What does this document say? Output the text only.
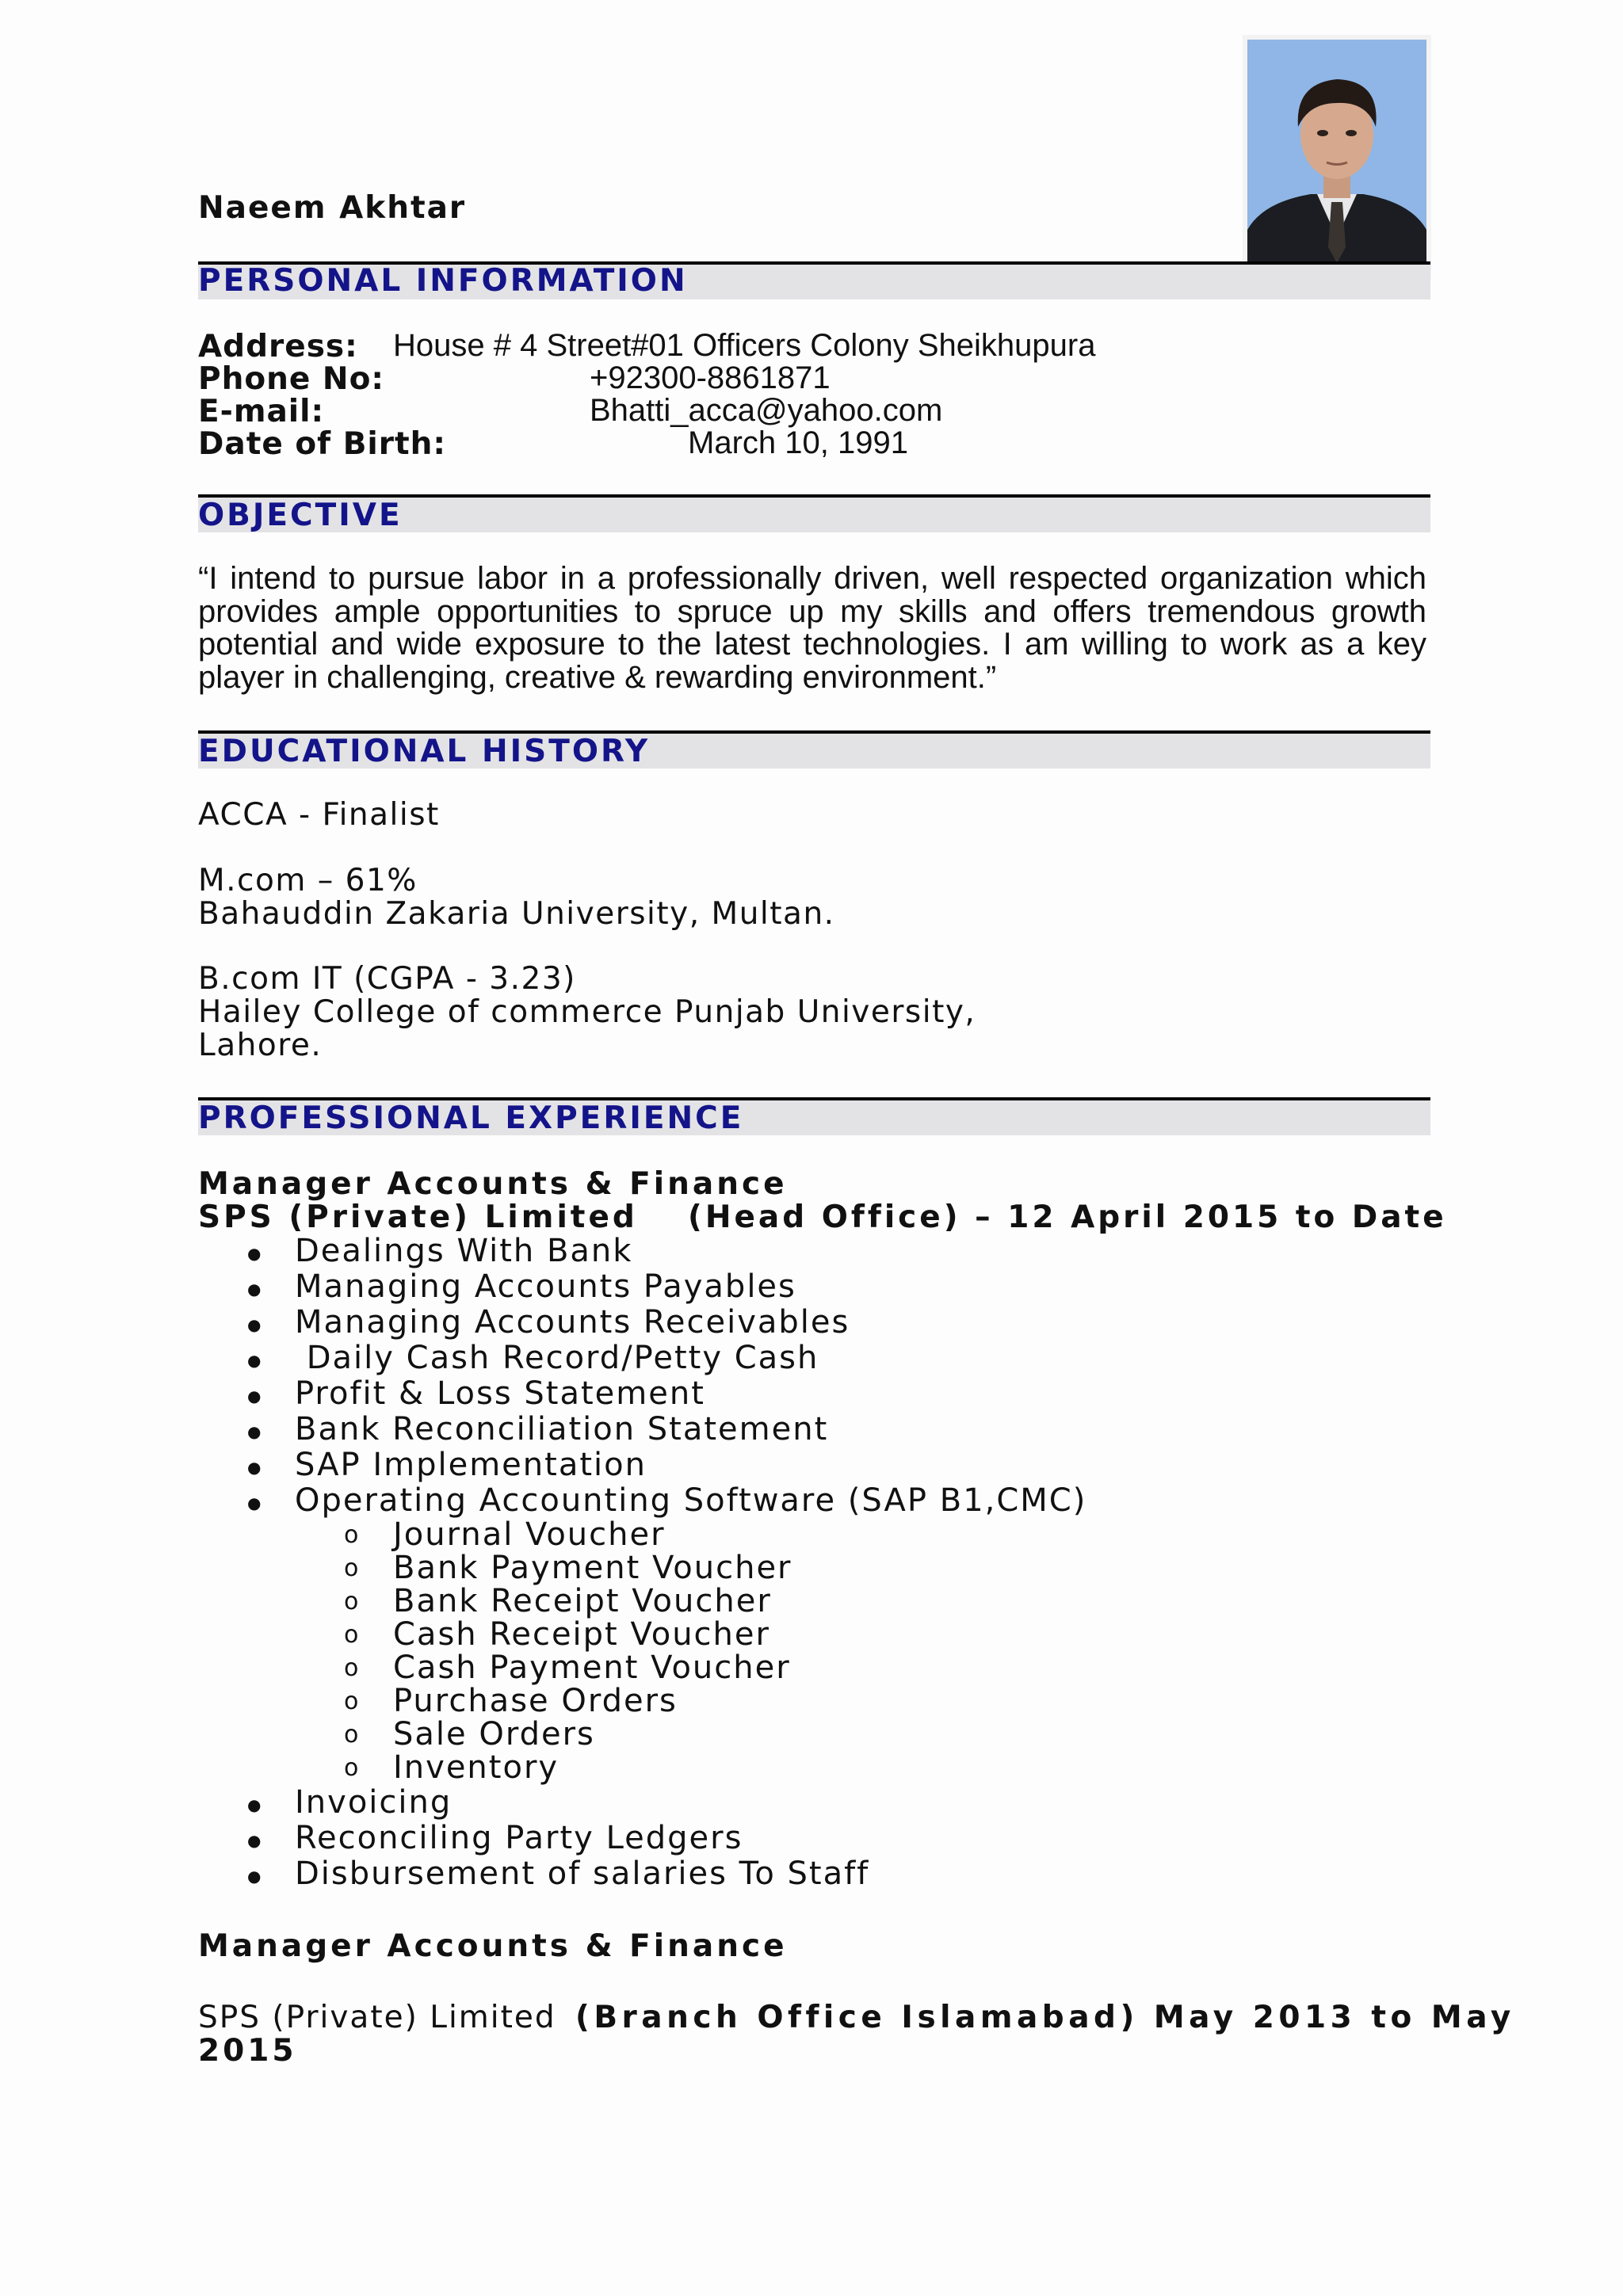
Naeem Akhtar
PERSONAL INFORMATION
Address: House # 4 Street#01 Officers Colony Sheikhupura
Phone No:	+92300-8861871
E-mail:	Bhatti_acca@yahoo.com
Date of Birth:	March 10, 1991
OBJECTIVE
“I intend to pursue labor in a professionally driven, well respected organization which provides ample opportunities to spruce up my skills and offers tremendous growth potential and wide exposure to the latest technologies. I am willing to work as a key player in challenging, creative & rewarding environment.”
EDUCATIONAL HISTORY
ACCA - Finalist
M.com – 61%
Bahauddin Zakaria University, Multan.
B.com IT (CGPA - 3.23)
Hailey College of commerce Punjab University,
Lahore.
PROFESSIONAL EXPERIENCE
Manager Accounts & Finance
SPS (Private) Limited (Head Office) – 12 April 2015 to Date
● Dealings With Bank
● Managing Accounts Payables
● Managing Accounts Receivables
● Daily Cash Record/Petty Cash
● Profit & Loss Statement
● Bank Reconciliation Statement
● SAP Implementation
● Operating Accounting Software (SAP B1,CMC)
o Journal Voucher
o Bank Payment Voucher
o Bank Receipt Voucher
o Cash Receipt Voucher
o Cash Payment Voucher
o Purchase Orders
o Sale Orders
o Inventory
● Invoicing
● Reconciling Party Ledgers
● Disbursement of salaries To Staff
Manager Accounts & Finance
SPS (Private) Limited (Branch Office Islamabad) May 2013 to May
2015
